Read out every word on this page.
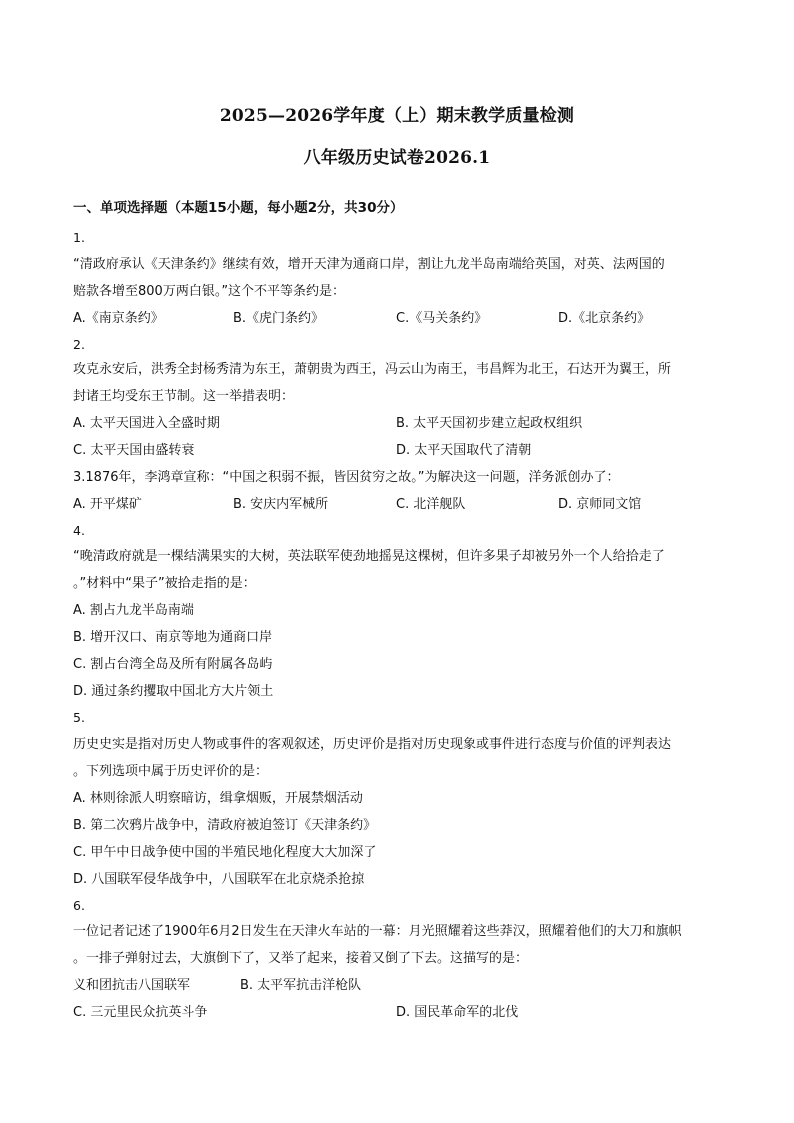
2025—2026学年度（上）期末教学质量检测
八年级历史试卷2026.1
一、单项选择题（本题15小题，每小题2分，共30分）
1.
“清政府承认《天津条约》继续有效，增开天津为通商口岸，割让九龙半岛南端给英国，对英、法两国的
赔款各增至800万两白银。”这个不平等条约是：
A.《南京条约》	B.《虎门条约》	C.《马关条约》	D.《北京条约》
2.
攻克永安后，洪秀全封杨秀清为东王，萧朝贵为西王，冯云山为南王，韦昌辉为北王，石达开为翼王，所
封诸王均受东王节制。这一举措表明：
A. 太平天国进入全盛时期	B. 太平天国初步建立起政权组织
C. 太平天国由盛转衰	D. 太平天国取代了清朝
3.1876年，李鸿章宣称：“中国之积弱不振，皆因贫穷之故。”为解决这一问题，洋务派创办了：
A. 开平煤矿	B. 安庆内军械所	C. 北洋舰队	D. 京师同文馆
4.
“晚清政府就是一棵结满果实的大树，英法联军使劲地摇晃这棵树，但许多果子却被另外一个人给拾走了
。”材料中“果子”被拾走指的是：
A. 割占九龙半岛南端
B. 增开汉口、南京等地为通商口岸
C. 割占台湾全岛及所有附属各岛屿
D. 通过条约攫取中国北方大片领土
5.
历史史实是指对历史人物或事件的客观叙述，历史评价是指对历史现象或事件进行态度与价值的评判表达
。下列选项中属于历史评价的是：
A. 林则徐派人明察暗访，缉拿烟贩，开展禁烟活动
B. 第二次鸦片战争中，清政府被迫签订《天津条约》
C. 甲午中日战争使中国的半殖民地化程度大大加深了
D. 八国联军侵华战争中，八国联军在北京烧杀抢掠
6.
一位记者记述了1900年6月2日发生在天津火车站的一幕：月光照耀着这些莽汉，照耀着他们的大刀和旗帜
。一排子弹射过去，大旗倒下了，又举了起来，接着又倒了下去。这描写的是：
义和团抗击八国联军	B. 太平军抗击洋枪队
C. 三元里民众抗英斗争	D. 国民革命军的北伐
